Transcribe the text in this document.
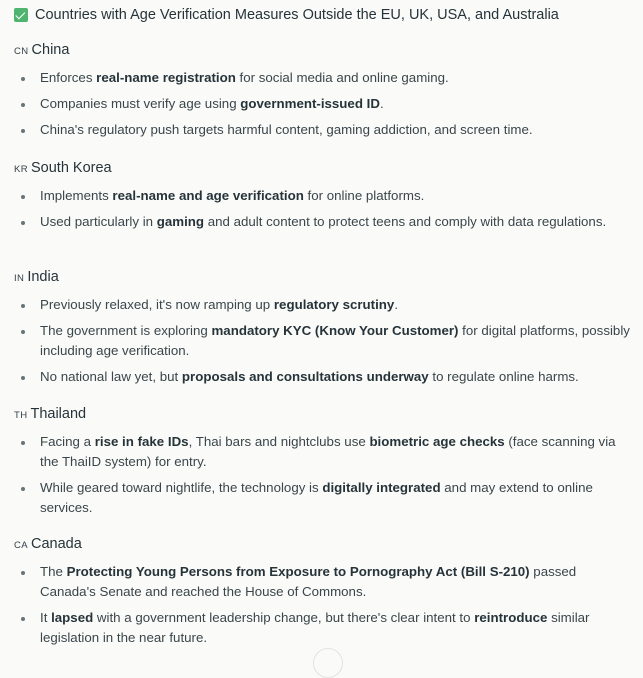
Countries with Age Verification Measures Outside the EU, UK, USA, and Australia
CN China
Enforces real-name registration for social media and online gaming.
Companies must verify age using government-issued ID.
China's regulatory push targets harmful content, gaming addiction, and screen time.
KR South Korea
Implements real-name and age verification for online platforms.
Used particularly in gaming and adult content to protect teens and comply with data regulations.
IN India
Previously relaxed, it's now ramping up regulatory scrutiny.
The government is exploring mandatory KYC (Know Your Customer) for digital platforms, possibly including age verification.
No national law yet, but proposals and consultations underway to regulate online harms.
TH Thailand
Facing a rise in fake IDs, Thai bars and nightclubs use biometric age checks (face scanning via the ThaiID system) for entry.
While geared toward nightlife, the technology is digitally integrated and may extend to online services.
CA Canada
The Protecting Young Persons from Exposure to Pornography Act (Bill S-210) passed Canada's Senate and reached the House of Commons.
It lapsed with a government leadership change, but there's clear intent to reintroduce similar legislation in the near future.
